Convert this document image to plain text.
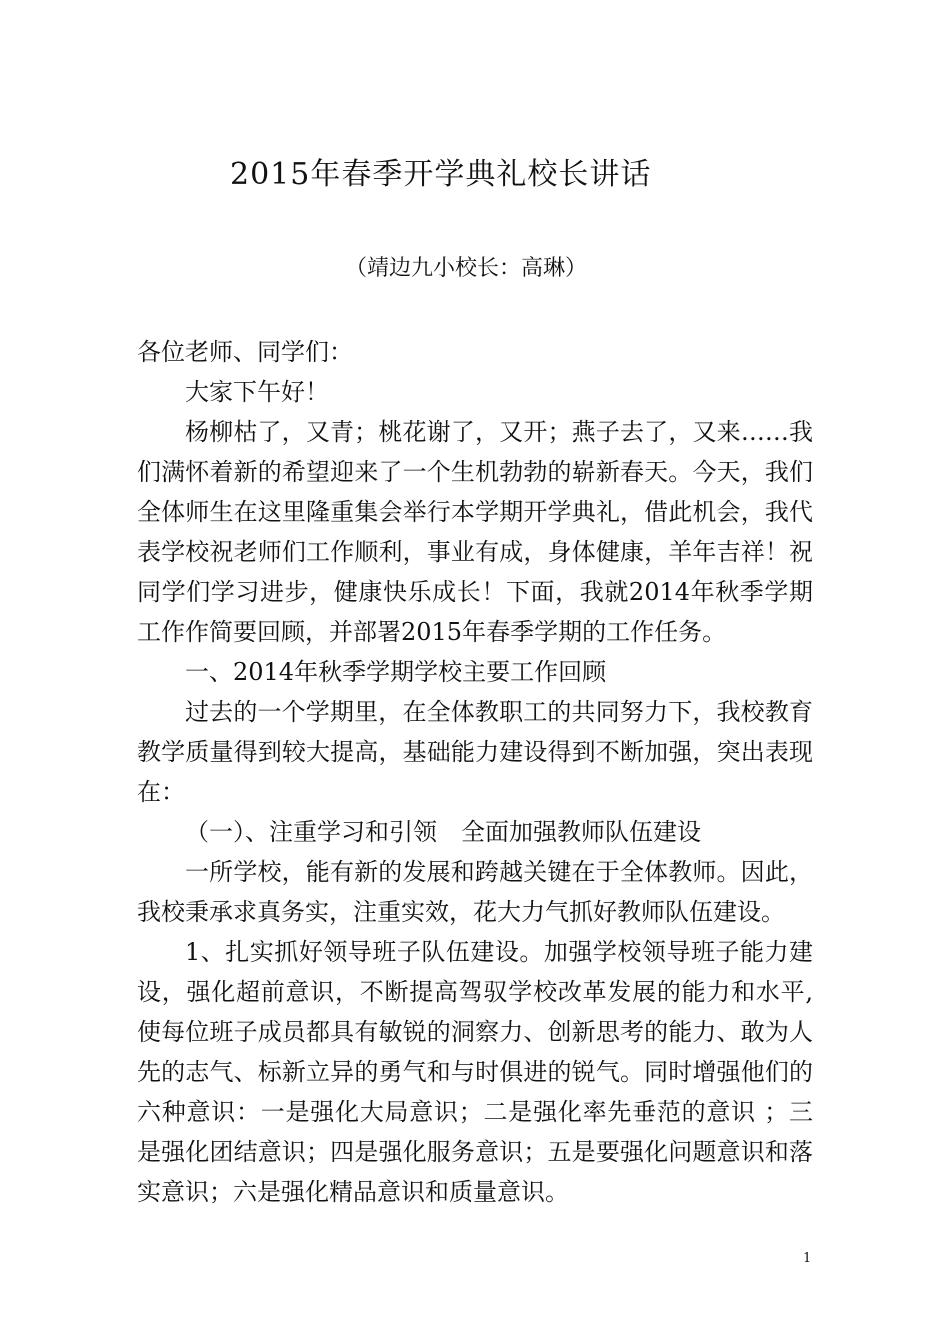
2015年春季开学典礼校长讲话
（靖边九小校长：高琳）

各位老师、同学们：

大家下午好！

杨柳枯了，又青；桃花谢了，又开；燕子去了，又来……我们满怀着新的希望迎来了一个生机勃勃的崭新春天。今天，我们全体师生在这里隆重集会举行本学期开学典礼，借此机会，我代表学校祝老师们工作顺利，事业有成，身体健康，羊年吉祥！祝同学们学习进步，健康快乐成长！下面，我就2014年秋季学期工作作简要回顾，并部署2015年春季学期的工作任务。

一、2014年秋季学期学校主要工作回顾

过去的一个学期里，在全体教职工的共同努力下，我校教育教学质量得到较大提高，基础能力建设得到不断加强，突出表现在：

（一）、注重学习和引领　全面加强教师队伍建设

一所学校，能有新的发展和跨越关键在于全体教师。因此，我校秉承求真务实，注重实效，花大力气抓好教师队伍建设。

1、扎实抓好领导班子队伍建设。加强学校领导班子能力建设，强化超前意识，不断提高驾驭学校改革发展的能力和水平,使每位班子成员都具有敏锐的洞察力、创新思考的能力、敢为人先的志气、标新立异的勇气和与时俱进的锐气。同时增强他们的六种意识：一是强化大局意识；二是强化率先垂范的意识 ；三是强化团结意识；四是强化服务意识；五是要强化问题意识和落实意识；六是强化精品意识和质量意识。

1
